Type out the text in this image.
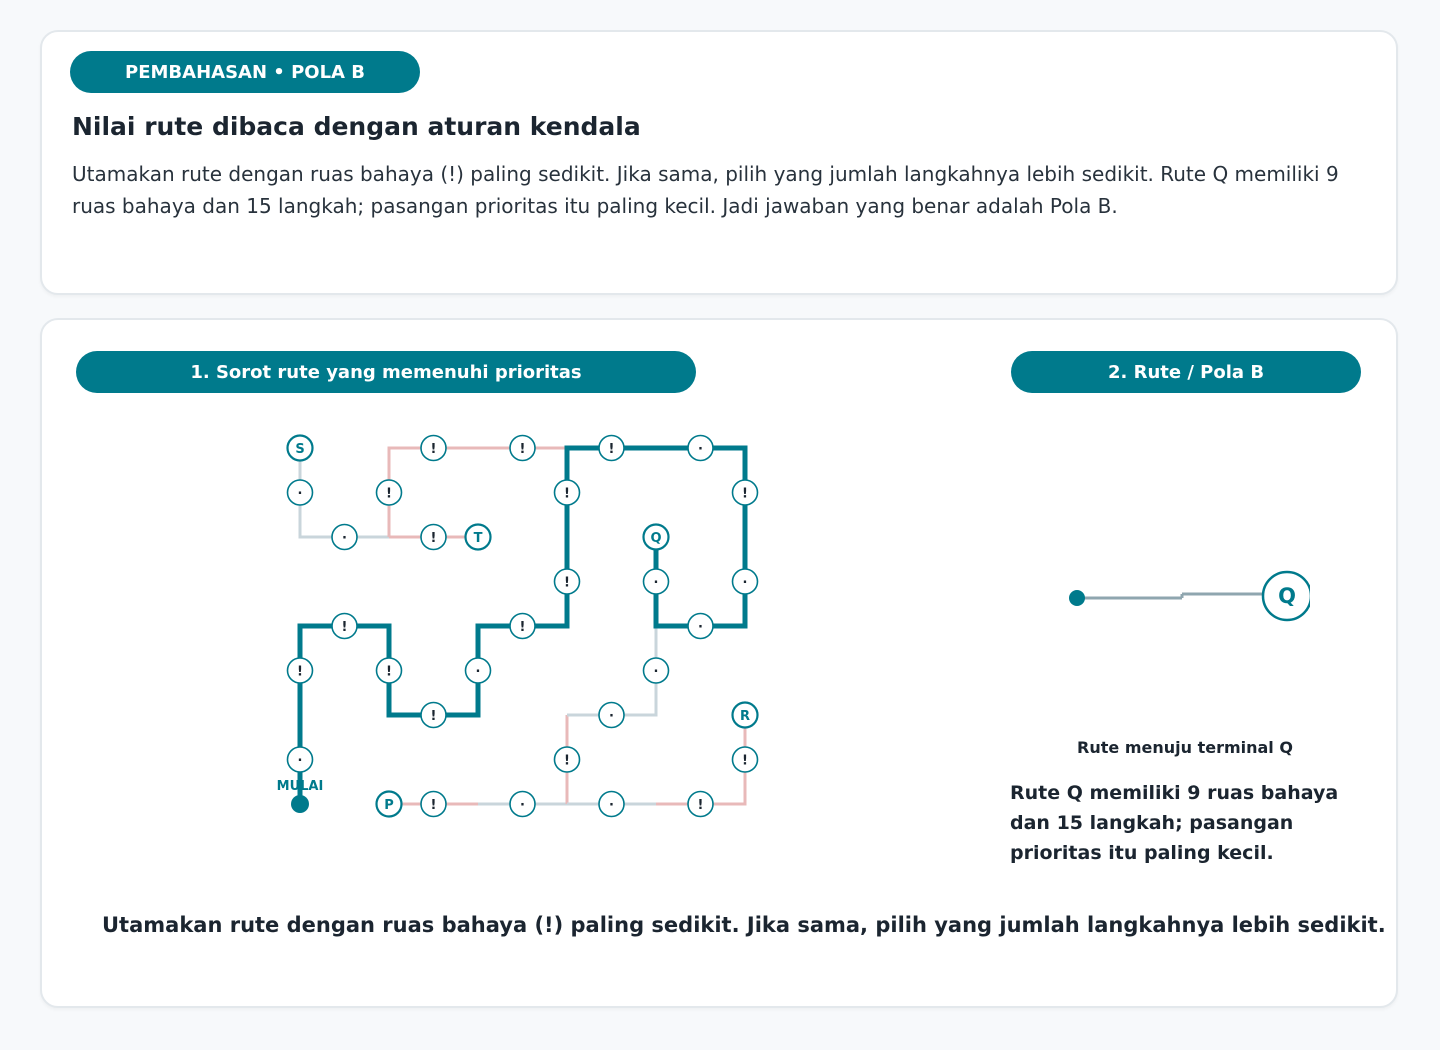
PEMBAHASAN • POLA B
Nilai rute dibaca dengan aturan kendala

Utamakan rute dengan ruas bahaya (!) paling sedikit. Jika sama, pilih yang jumlah langkahnya lebih sedikit. Rute Q memiliki 9 ruas bahaya dan 15 langkah; pasangan prioritas itu paling kecil. Jadi jawaban yang benar adalah Pola B.

1. Sorot rute yang memenuhi prioritas	2. Rute / Pola B
S
·
·	!	T
!
!	!
!
!	·
!
·
·
·
Q
!
!
·
!
!
!
!
·
P	!	·
!
·
·
·	!
!
R
MULAI
Q
Rute menuju terminal Q

Rute Q memiliki 9 ruas bahaya dan 15 langkah; pasangan prioritas itu paling kecil.

Utamakan rute dengan ruas bahaya (!) paling sedikit. Jika sama, pilih yang jumlah langkahnya lebih sedikit.
